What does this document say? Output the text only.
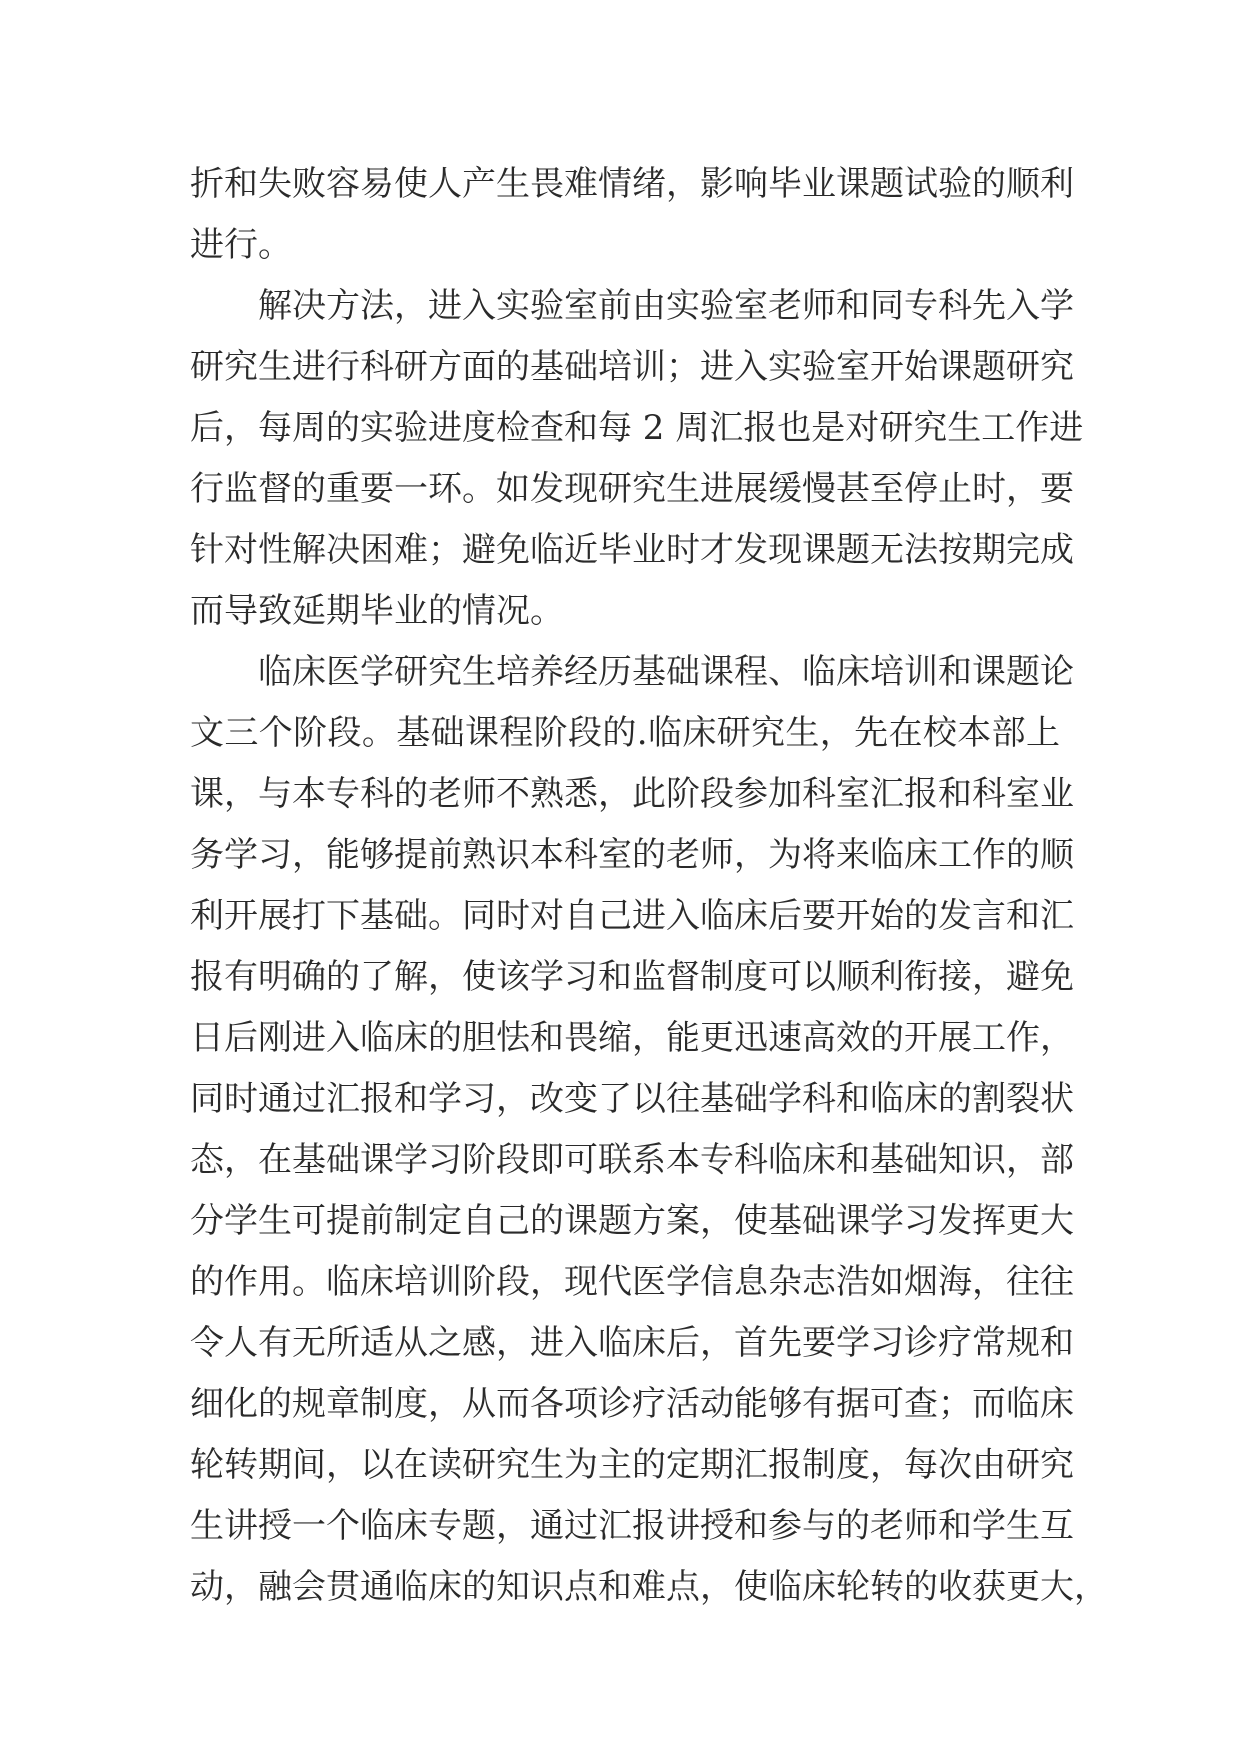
折和失败容易使人产生畏难情绪，影响毕业课题试验的顺利
进行。
解决方法，进入实验室前由实验室老师和同专科先入学
研究生进行科研方面的基础培训；进入实验室开始课题研究
后，每周的实验进度检查和每 2 周汇报也是对研究生工作进
行监督的重要一环。如发现研究生进展缓慢甚至停止时，要
针对性解决困难；避免临近毕业时才发现课题无法按期完成
而导致延期毕业的情况。
临床医学研究生培养经历基础课程、临床培训和课题论
文三个阶段。基础课程阶段的.临床研究生，先在校本部上
课，与本专科的老师不熟悉，此阶段参加科室汇报和科室业
务学习，能够提前熟识本科室的老师，为将来临床工作的顺
利开展打下基础。同时对自己进入临床后要开始的发言和汇
报有明确的了解，使该学习和监督制度可以顺利衔接，避免
日后刚进入临床的胆怯和畏缩，能更迅速高效的开展工作，
同时通过汇报和学习，改变了以往基础学科和临床的割裂状
态，在基础课学习阶段即可联系本专科临床和基础知识，部
分学生可提前制定自己的课题方案，使基础课学习发挥更大
的作用。临床培训阶段，现代医学信息杂志浩如烟海，往往
令人有无所适从之感，进入临床后，首先要学习诊疗常规和
细化的规章制度，从而各项诊疗活动能够有据可查；而临床
轮转期间，以在读研究生为主的定期汇报制度，每次由研究
生讲授一个临床专题，通过汇报讲授和参与的老师和学生互
动，融会贯通临床的知识点和难点，使临床轮转的收获更大，
